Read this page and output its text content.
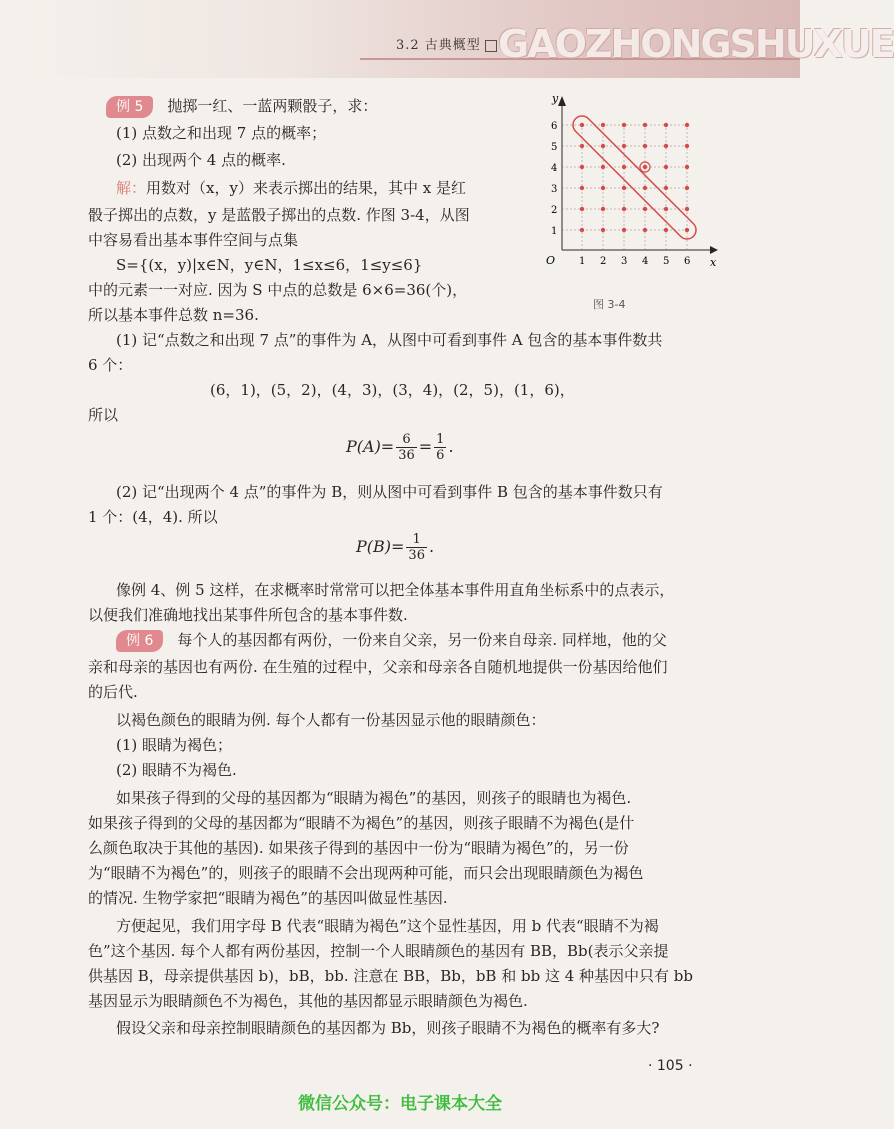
3.2 古典概型 GAOZHONGSHUXUE
例 5 抛掷一红、一蓝两颗骰子，求：
(1) 点数之和出现 7 点的概率；
(2) 出现两个 4 点的概率.
解：用数对（x，y）来表示掷出的结果，其中 x 是红
骰子掷出的点数，y 是蓝骰子掷出的点数. 作图 3-4，从图
中容易看出基本事件空间与点集
S={(x，y)|x∈N，y∈N，1≤x≤6，1≤y≤6}
中的元素一一对应. 因为 S 中点的总数是 6×6=36(个)，
所以基本事件总数 n=36.
1
1
2
2
3
3
4
4
5
5
6
6
y
x
O
图 3-4
(1) 记“点数之和出现 7 点”的事件为 A，从图中可看到事件 A 包含的基本事件数共
6 个：
(6，1)，(5，2)，(4，3)，(3，4)，(2，5)，(1，6)，
所以
$P(A)= \frac{6}{36} = \frac{1}{6}$ .
(2) 记“出现两个 4 点”的事件为 B，则从图中可看到事件 B 包含的基本事件数只有
1 个：(4，4). 所以
$P(B)= \frac{1}{36}$ .
像例 4、例 5 这样，在求概率时常常可以把全体基本事件用直角坐标系中的点表示，
以便我们准确地找出某事件所包含的基本事件数.
例 6 每个人的基因都有两份，一份来自父亲，另一份来自母亲. 同样地，他的父
亲和母亲的基因也有两份. 在生殖的过程中，父亲和母亲各自随机地提供一份基因给他们
的后代.
以褐色颜色的眼睛为例. 每个人都有一份基因显示他的眼睛颜色：
(1) 眼睛为褐色；
(2) 眼睛不为褐色.
如果孩子得到的父母的基因都为“眼睛为褐色”的基因，则孩子的眼睛也为褐色.
如果孩子得到的父母的基因都为“眼睛不为褐色”的基因，则孩子眼睛不为褐色(是什
么颜色取决于其他的基因). 如果孩子得到的基因中一份为“眼睛为褐色”的，另一份
为“眼睛不为褐色”的，则孩子的眼睛不会出现两种可能，而只会出现眼睛颜色为褐色
的情况. 生物学家把“眼睛为褐色”的基因叫做显性基因.
方便起见，我们用字母 B 代表“眼睛为褐色”这个显性基因，用 b 代表“眼睛不为褐
色”这个基因. 每个人都有两份基因，控制一个人眼睛颜色的基因有 BB，Bb(表示父亲提
供基因 B，母亲提供基因 b)，bB，bb. 注意在 BB，Bb，bB 和 bb 这 4 种基因中只有 bb
基因显示为眼睛颜色不为褐色，其他的基因都显示眼睛颜色为褐色.
假设父亲和母亲控制眼睛颜色的基因都为 Bb，则孩子眼睛不为褐色的概率有多大?
· 105 ·
微信公众号：电子课本大全
